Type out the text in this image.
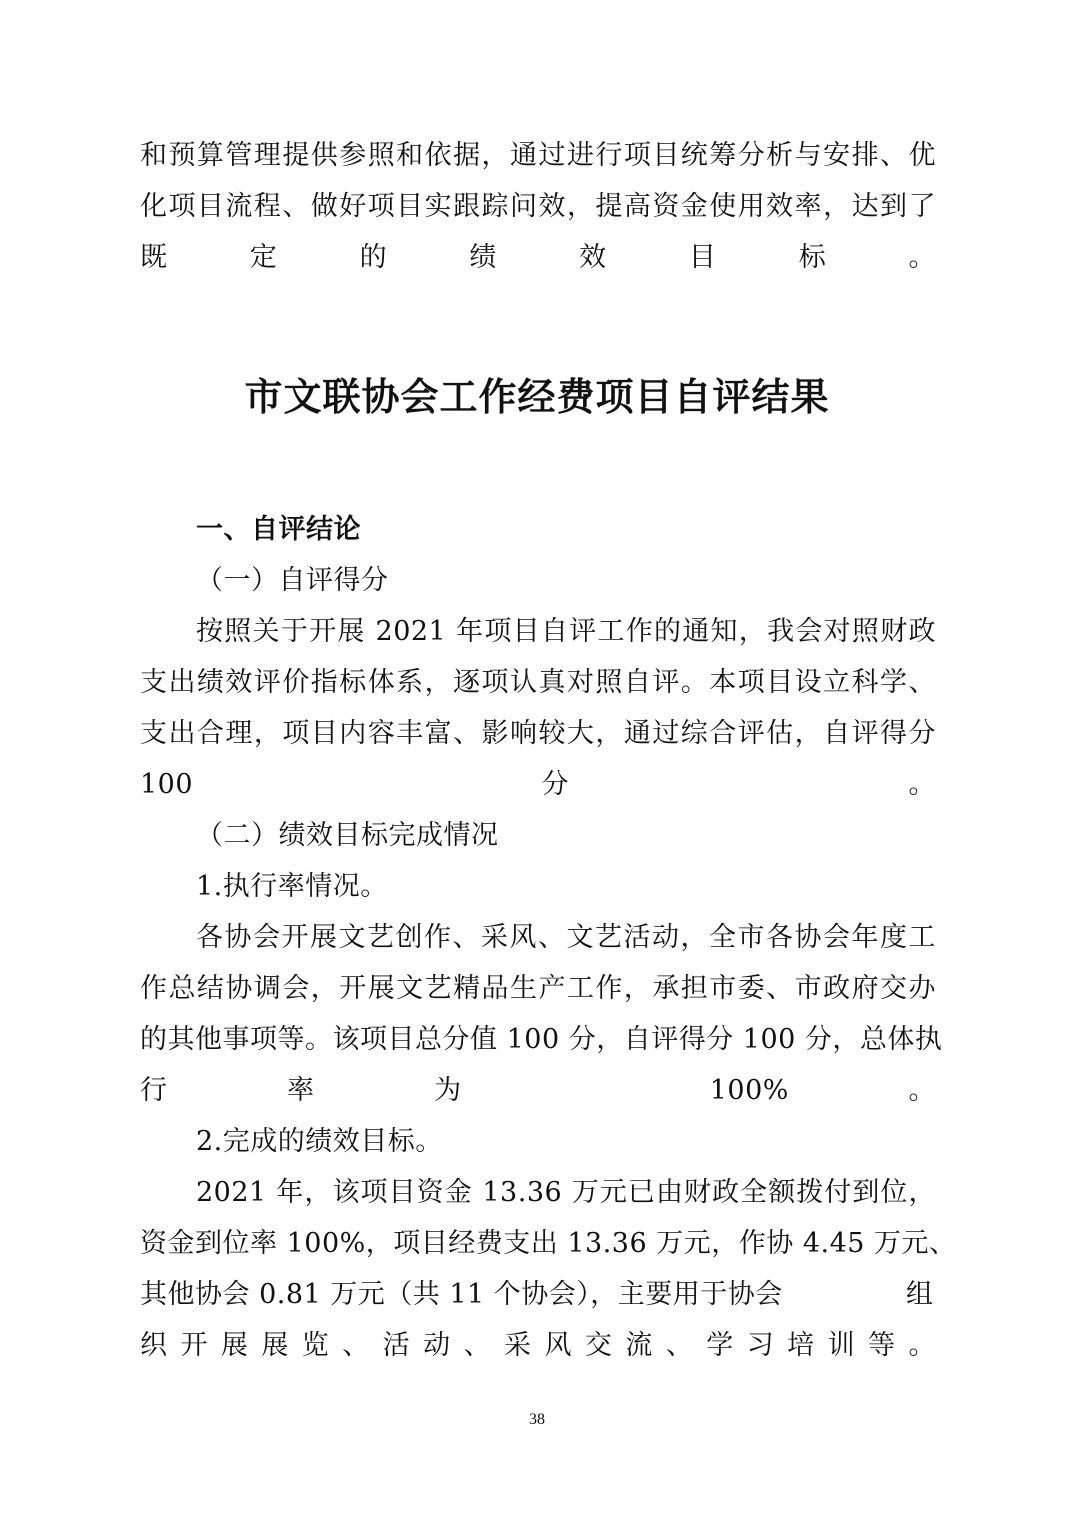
和预算管理提供参照和依据，通过进行项目统筹分析与安排、优
化项目流程、做好项目实跟踪问效，提高资金使用效率，达到了
既定的绩效目标。
市文联协会工作经费项目自评结果
一、自评结论
（一）自评得分
按照关于开展 2021 年项目自评工作的通知，我会对照财政
支出绩效评价指标体系，逐项认真对照自评。本项目设立科学、
支出合理，项目内容丰富、影响较大，通过综合评估，自评得分
100 分。
（二）绩效目标完成情况
1.执行率情况。
各协会开展文艺创作、采风、文艺活动，全市各协会年度工
作总结协调会，开展文艺精品生产工作，承担市委、市政府交办
的其他事项等。该项目总分值 100 分，自评得分 100 分，总体执
行率为 100%。
2.完成的绩效目标。
2021 年，该项目资金 13.36 万元已由财政全额拨付到位，
资金到位率 100%，项目经费支出 13.36 万元，作协 4.45 万元、
其他协会 0.81 万元（共 11 个协会），主要用于协会	组
织开展展览、活动、采风交流、学习培训等。
38
